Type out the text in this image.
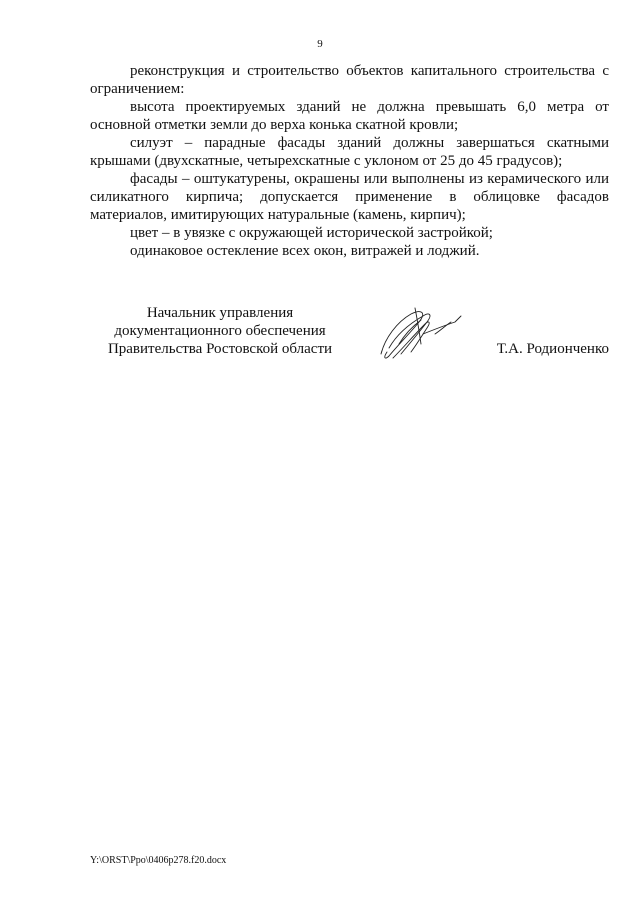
9

реконструкция и строительство объектов капитального строительства с ограничением:

высота проектируемых зданий не должна превышать 6,0 метра от основной отметки земли до верха конька скатной кровли;

силуэт – парадные фасады зданий должны завершаться скатными крышами (двухскатные, четырехскатные с уклоном от 25 до 45 градусов);

фасады – оштукатурены, окрашены или выполнены из керамического или силикатного кирпича; допускается применение в облицовке фасадов материалов, имитирующих натуральные (камень, кирпич);

цвет – в увязке с окружающей исторической застройкой;

одинаковое остекление всех окон, витражей и лоджий.

Начальник управления
документационного обеспечения
Правительства Ростовской области	Т.А. Родионченко
Y:\ORST\Ppo\0406p278.f20.docx
